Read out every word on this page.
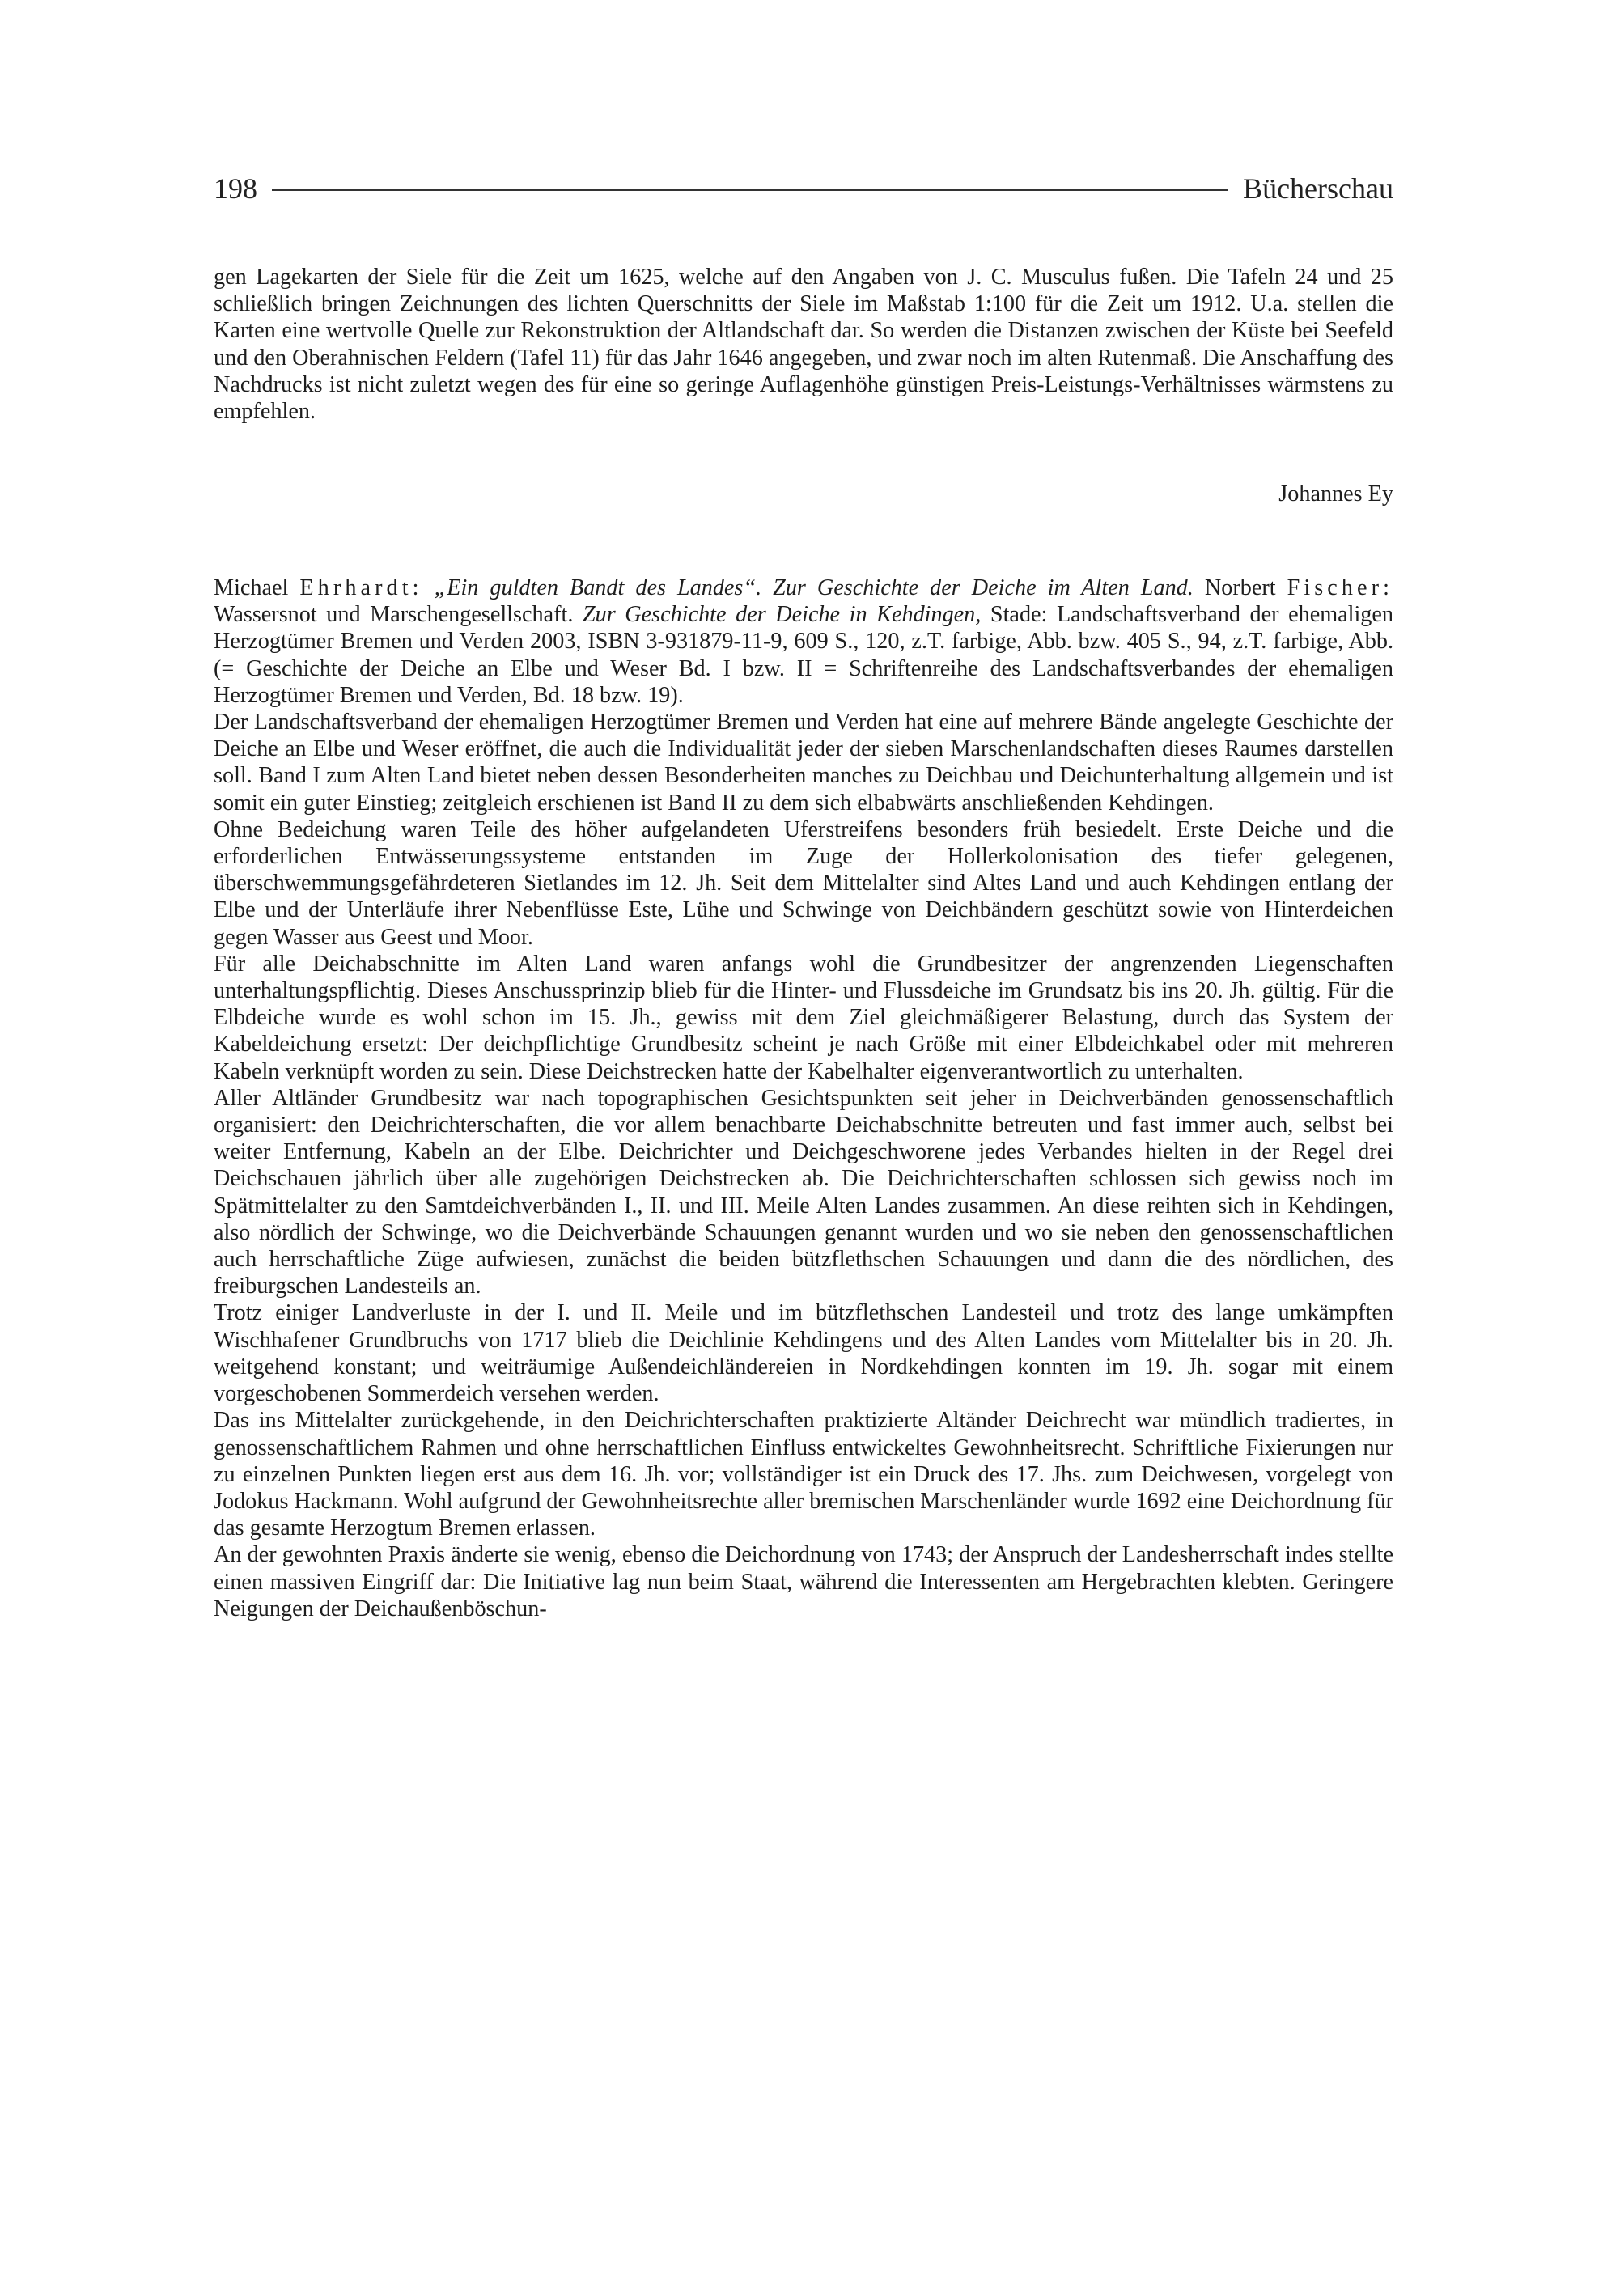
198	Bücherschau
gen Lagekarten der Siele für die Zeit um 1625, welche auf den Angaben von J. C. Musculus fußen. Die Tafeln 24 und 25 schließlich bringen Zeichnungen des lichten Querschnitts der Siele im Maßstab 1:100 für die Zeit um 1912. U.a. stellen die Karten eine wertvolle Quelle zur Rekonstruktion der Altlandschaft dar. So werden die Distanzen zwischen der Küste bei Seefeld und den Oberahnischen Feldern (Tafel 11) für das Jahr 1646 angegeben, und zwar noch im alten Rutenmaß. Die Anschaffung des Nachdrucks ist nicht zuletzt wegen des für eine so geringe Auflagenhöhe günstigen Preis-Leistungs-Verhältnisses wärmstens zu empfehlen.
Johannes Ey

Michael Ehrhardt: „Ein guldten Bandt des Landes“. Zur Geschichte der Deiche im Alten Land. Norbert Fischer: Wassersnot und Marschengesellschaft. Zur Geschichte der Deiche in Kehdingen, Stade: Landschaftsverband der ehemaligen Herzogtümer Bremen und Verden 2003, ISBN 3-931879-11-9, 609 S., 120, z.T. farbige, Abb. bzw. 405 S., 94, z.T. farbige, Abb. (= Geschichte der Deiche an Elbe und Weser Bd. I bzw. II = Schriftenreihe des Landschaftsverbandes der ehemaligen Herzogtümer Bremen und Verden, Bd. 18 bzw. 19).

Der Landschaftsverband der ehemaligen Herzogtümer Bremen und Verden hat eine auf mehrere Bände angelegte Geschichte der Deiche an Elbe und Weser eröffnet, die auch die Individualität jeder der sieben Marschenlandschaften dieses Raumes darstellen soll. Band I zum Alten Land bietet neben dessen Besonderheiten manches zu Deichbau und Deichunterhaltung allgemein und ist somit ein guter Einstieg; zeitgleich erschienen ist Band II zu dem sich elbabwärts anschließenden Kehdingen.

Ohne Bedeichung waren Teile des höher aufgelandeten Uferstreifens besonders früh besiedelt. Erste Deiche und die erforderlichen Entwässerungssysteme entstanden im Zuge der Hollerkolonisation des tiefer gelegenen, überschwemmungsgefährdeteren Sietlandes im 12. Jh. Seit dem Mittelalter sind Altes Land und auch Kehdingen entlang der Elbe und der Unterläufe ihrer Nebenflüsse Este, Lühe und Schwinge von Deichbändern geschützt sowie von Hinterdeichen gegen Wasser aus Geest und Moor.

Für alle Deichabschnitte im Alten Land waren anfangs wohl die Grundbesitzer der angrenzenden Liegenschaften unterhaltungspflichtig. Dieses Anschussprinzip blieb für die Hinter- und Flussdeiche im Grundsatz bis ins 20. Jh. gültig. Für die Elbdeiche wurde es wohl schon im 15. Jh., gewiss mit dem Ziel gleichmäßigerer Belastung, durch das System der Kabeldeichung ersetzt: Der deichpflichtige Grundbesitz scheint je nach Größe mit einer Elbdeichkabel oder mit mehreren Kabeln verknüpft worden zu sein. Diese Deichstrecken hatte der Kabelhalter eigenverantwortlich zu unterhalten.

Aller Altländer Grundbesitz war nach topographischen Gesichtspunkten seit jeher in Deichverbänden genossenschaftlich organisiert: den Deichrichterschaften, die vor allem benachbarte Deichabschnitte betreuten und fast immer auch, selbst bei weiter Entfernung, Kabeln an der Elbe. Deichrichter und Deichgeschworene jedes Verbandes hielten in der Regel drei Deichschauen jährlich über alle zugehörigen Deichstrecken ab. Die Deichrichterschaften schlossen sich gewiss noch im Spätmittelalter zu den Samtdeichverbänden I., II. und III. Meile Alten Landes zusammen. An diese reihten sich in Kehdingen, also nördlich der Schwinge, wo die Deichverbände Schauungen genannt wurden und wo sie neben den genossenschaftlichen auch herrschaftliche Züge aufwiesen, zunächst die beiden bützflethschen Schauungen und dann die des nördlichen, des freiburgschen Landesteils an.

Trotz einiger Landverluste in der I. und II. Meile und im bützflethschen Landesteil und trotz des lange umkämpften Wischhafener Grundbruchs von 1717 blieb die Deichlinie Kehdingens und des Alten Landes vom Mittelalter bis in 20. Jh. weitgehend konstant; und weiträumige Außendeichländereien in Nordkehdingen konnten im 19. Jh. sogar mit einem vorgeschobenen Sommerdeich versehen werden.

Das ins Mittelalter zurückgehende, in den Deichrichterschaften praktizierte Altänder Deichrecht war mündlich tradiertes, in genossenschaftlichem Rahmen und ohne herrschaftlichen Einfluss entwickeltes Gewohnheitsrecht. Schriftliche Fixierungen nur zu einzelnen Punkten liegen erst aus dem 16. Jh. vor; vollständiger ist ein Druck des 17. Jhs. zum Deichwesen, vorgelegt von Jodokus Hackmann. Wohl aufgrund der Gewohnheitsrechte aller bremischen Marschenländer wurde 1692 eine Deichordnung für das gesamte Herzogtum Bremen erlassen.

An der gewohnten Praxis änderte sie wenig, ebenso die Deichordnung von 1743; der Anspruch der Landesherrschaft indes stellte einen massiven Eingriff dar: Die Initiative lag nun beim Staat, während die Interessenten am Hergebrachten klebten. Geringere Neigungen der Deichaußenböschun-
